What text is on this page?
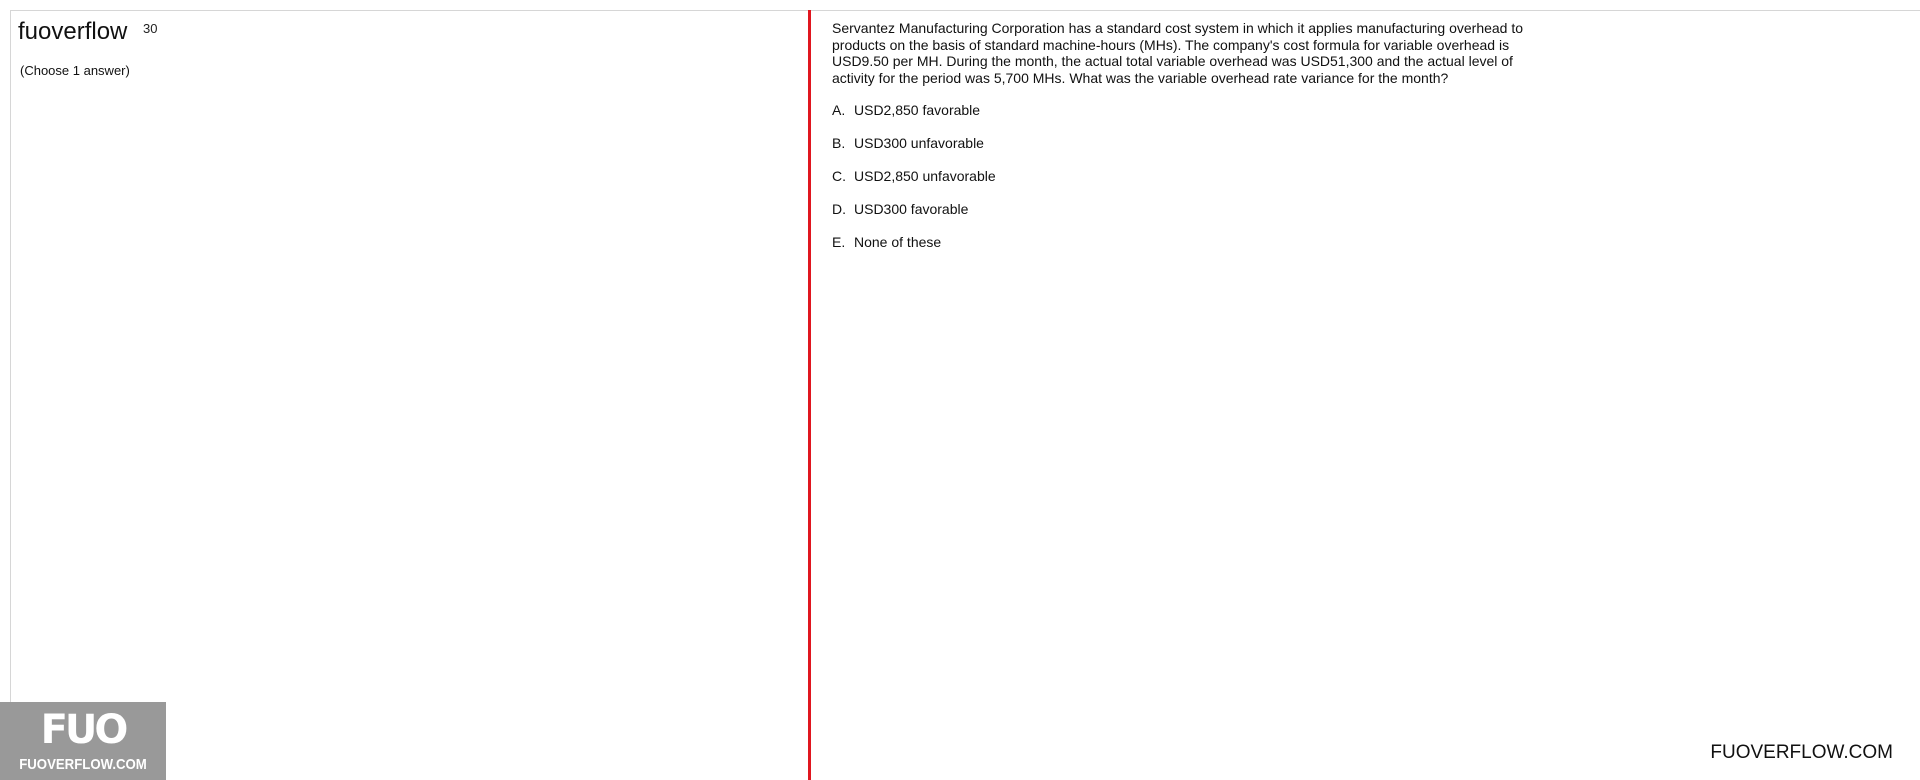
30
fuoverflow
(Choose 1 answer)

Servantez Manufacturing Corporation has a standard cost system in which it applies manufacturing overhead to products on the basis of standard machine-hours (MHs). The company's cost formula for variable overhead is USD9.50 per MH. During the month, the actual total variable overhead was USD51,300 and the actual level of activity for the period was 5,700 MHs. What was the variable overhead rate variance for the month?

A. USD2,850 favorable
B. USD300 unfavorable
C. USD2,850 unfavorable
D. USD300 favorable
E. None of these
FUO
FUOVERFLOW.COM
FUOVERFLOW.COM
